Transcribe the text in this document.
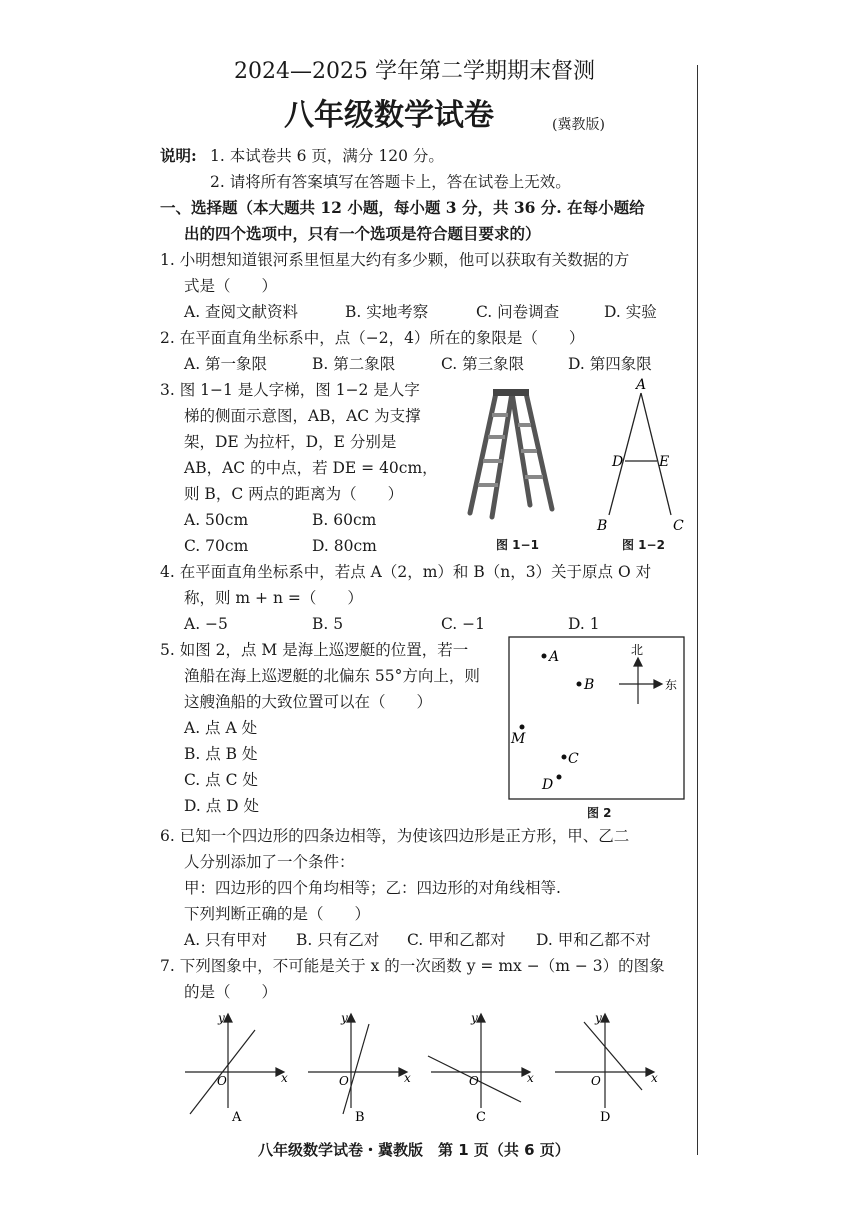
2024—2025 学年第二学期期末督测
八年级数学试卷	(冀教版)
说明: 1. 本试卷共 6 页，满分 120 分。
2. 请将所有答案填写在答题卡上，答在试卷上无效。
一、选择题（本大题共 12 小题，每小题 3 分，共 36 分. 在每小题给
出的四个选项中，只有一个选项是符合题目要求的）
1. 小明想知道银河系里恒星大约有多少颗，他可以获取有关数据的方
式是（　　）
A. 查阅文献资料	B. 实地考察	C. 问卷调查	D. 实验
2. 在平面直角坐标系中，点（−2，4）所在的象限是（　　）
A. 第一象限	B. 第二象限	C. 第三象限	D. 第四象限
3. 图 1−1 是人字梯，图 1−2 是人字
梯的侧面示意图，AB，AC 为支撑
架，DE 为拉杆，D，E 分别是
AB，AC 的中点，若 DE = 40cm，
则 B，C 两点的距离为（　　）
A. 50cm	B. 60cm
C. 70cm	D. 80cm	图 1−1
A
D	E
B	C
图 1−2
4. 在平面直角坐标系中，若点 A（2，m）和 B（n，3）关于原点 O 对
称，则 m + n =（　　）
A. −5	B. 5	C. −1	D. 1
5. 如图 2，点 M 是海上巡逻艇的位置，若一
渔船在海上巡逻艇的北偏东 55°方向上，则
这艘渔船的大致位置可以在（　　）
A. 点 A 处
B. 点 B 处
C. 点 C 处
D. 点 D 处
A
B
M
C
D
北
东
图 2
6. 已知一个四边形的四条边相等，为使该四边形是正方形，甲、乙二
人分别添加了一个条件：
甲：四边形的四个角均相等；乙：四边形的对角线相等.
下列判断正确的是（　　）
A. 只有甲对 B. 只有乙对 C. 甲和乙都对 D. 甲和乙都不对
7. 下列图象中，不可能是关于 x 的一次函数 y = mx −（m − 3）的图象
的是（　　）
y
x
O
A
y
x
O
B
y
x
O
C
y
x
O
D
八年级数学试卷・冀教版　第 1 页（共 6 页）
